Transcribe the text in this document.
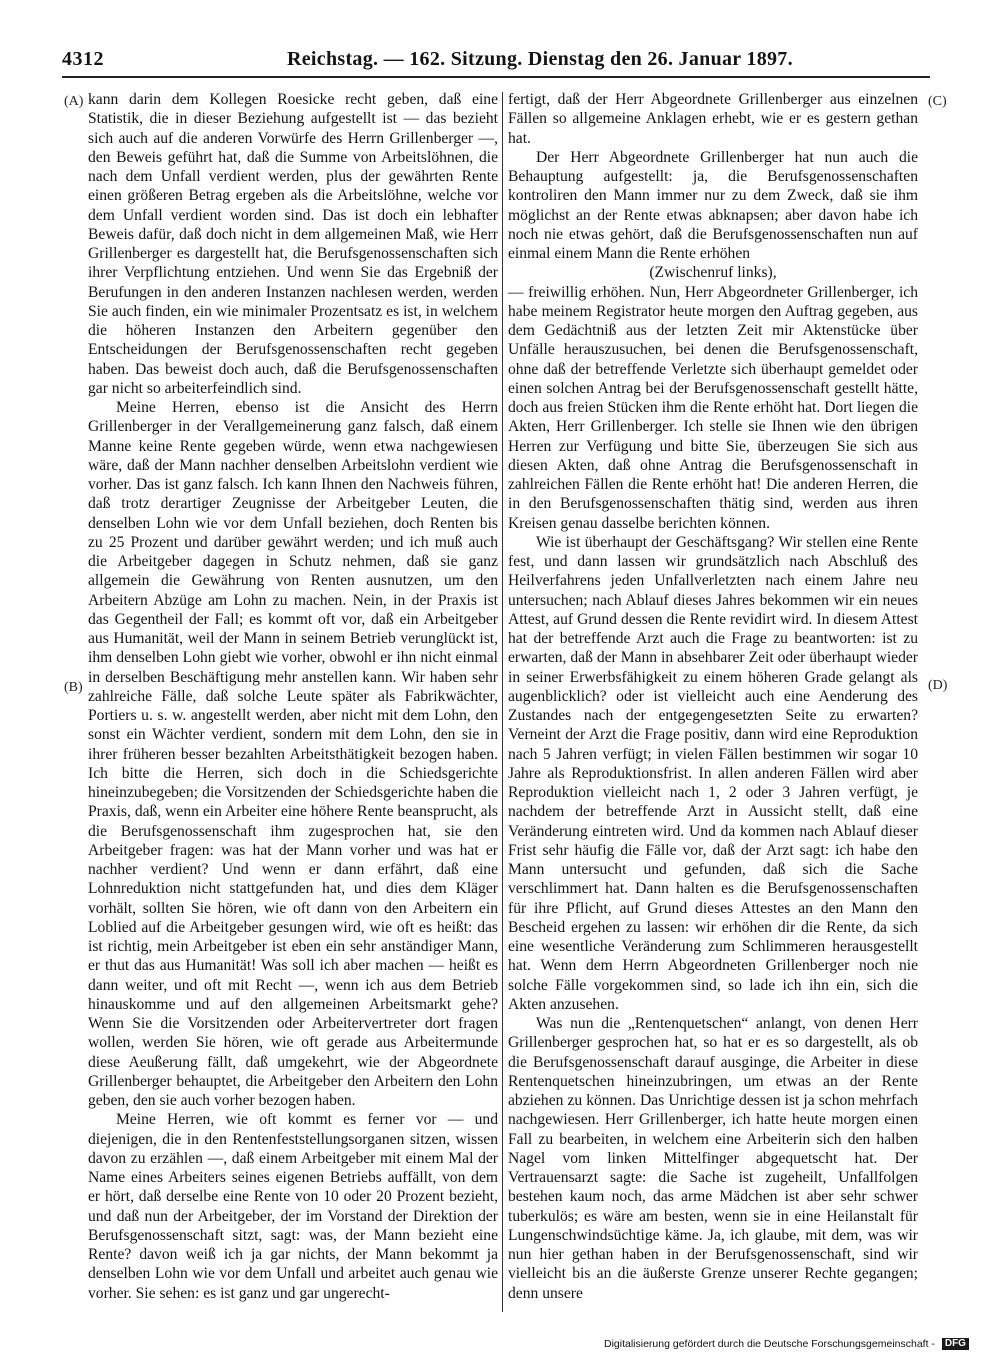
4312	Reichstag. — 162. Sitzung. Dienstag den 26. Januar 1897.
(A)
(B)
(C)
(D)

kann darin dem Kollegen Roesicke recht geben, daß eine Statistik, die in dieser Beziehung aufgestellt ist — das bezieht sich auch auf die anderen Vorwürfe des Herrn Grillenberger —, den Beweis geführt hat, daß die Summe von Arbeitslöhnen, die nach dem Unfall verdient werden, plus der gewährten Rente einen größeren Betrag ergeben als die Arbeitslöhne, welche vor dem Unfall verdient worden sind. Das ist doch ein lebhafter Beweis dafür, daß doch nicht in dem allgemeinen Maß, wie Herr Grillenberger es dargestellt hat, die Berufsgenossenschaften sich ihrer Verpflichtung entziehen. Und wenn Sie das Ergebniß der Berufungen in den anderen Instanzen nachlesen werden, werden Sie auch finden, ein wie minimaler Prozentsatz es ist, in welchem die höheren Instanzen den Arbeitern gegenüber den Entscheidungen der Berufsgenossenschaften recht gegeben haben. Das beweist doch auch, daß die Berufsgenossenschaften gar nicht so arbeiterfeindlich sind.

Meine Herren, ebenso ist die Ansicht des Herrn Grillenberger in der Verallgemeinerung ganz falsch, daß einem Manne keine Rente gegeben würde, wenn etwa nachgewiesen wäre, daß der Mann nachher denselben Arbeitslohn verdient wie vorher. Das ist ganz falsch. Ich kann Ihnen den Nachweis führen, daß trotz derartiger Zeugnisse der Arbeitgeber Leuten, die denselben Lohn wie vor dem Unfall beziehen, doch Renten bis zu 25 Prozent und darüber gewährt werden; und ich muß auch die Arbeitgeber dagegen in Schutz nehmen, daß sie ganz allgemein die Gewährung von Renten ausnutzen, um den Arbeitern Abzüge am Lohn zu machen. Nein, in der Praxis ist das Gegentheil der Fall; es kommt oft vor, daß ein Arbeitgeber aus Humanität, weil der Mann in seinem Betrieb verunglückt ist, ihm denselben Lohn giebt wie vorher, obwohl er ihn nicht einmal in derselben Beschäftigung mehr anstellen kann. Wir haben sehr zahlreiche Fälle, daß solche Leute später als Fabrikwächter, Portiers u. s. w. angestellt werden, aber nicht mit dem Lohn, den sonst ein Wächter verdient, sondern mit dem Lohn, den sie in ihrer früheren besser bezahlten Arbeitsthätigkeit bezogen haben. Ich bitte die Herren, sich doch in die Schiedsgerichte hineinzubegeben; die Vorsitzenden der Schiedsgerichte haben die Praxis, daß, wenn ein Arbeiter eine höhere Rente beansprucht, als die Berufsgenossenschaft ihm zugesprochen hat, sie den Arbeitgeber fragen: was hat der Mann vorher und was hat er nachher verdient? Und wenn er dann erfährt, daß eine Lohnreduktion nicht stattgefunden hat, und dies dem Kläger vorhält, sollten Sie hören, wie oft dann von den Arbeitern ein Loblied auf die Arbeitgeber gesungen wird, wie oft es heißt: das ist richtig, mein Arbeitgeber ist eben ein sehr anständiger Mann, er thut das aus Humanität! Was soll ich aber machen — heißt es dann weiter, und oft mit Recht —, wenn ich aus dem Betrieb hinauskomme und auf den allgemeinen Arbeitsmarkt gehe? Wenn Sie die Vorsitzenden oder Arbeitervertreter dort fragen wollen, werden Sie hören, wie oft gerade aus Arbeitermunde diese Aeußerung fällt, daß umgekehrt, wie der Abgeordnete Grillenberger behauptet, die Arbeitgeber den Arbeitern den Lohn geben, den sie auch vorher bezogen haben.

Meine Herren, wie oft kommt es ferner vor — und diejenigen, die in den Rentenfeststellungsorganen sitzen, wissen davon zu erzählen —, daß einem Arbeitgeber mit einem Mal der Name eines Arbeiters seines eigenen Betriebs auffällt, von dem er hört, daß derselbe eine Rente von 10 oder 20 Prozent bezieht, und daß nun der Arbeitgeber, der im Vorstand der Direktion der Berufsgenossenschaft sitzt, sagt: was, der Mann bezieht eine Rente? davon weiß ich ja gar nichts, der Mann bekommt ja denselben Lohn wie vor dem Unfall und arbeitet auch genau wie vorher. Sie sehen: es ist ganz und gar ungerecht-

fertigt, daß der Herr Abgeordnete Grillenberger aus einzelnen Fällen so allgemeine Anklagen erhebt, wie er es gestern gethan hat.

Der Herr Abgeordnete Grillenberger hat nun auch die Behauptung aufgestellt: ja, die Berufsgenossenschaften kontroliren den Mann immer nur zu dem Zweck, daß sie ihm möglichst an der Rente etwas abknapsen; aber davon habe ich noch nie etwas gehört, daß die Berufsgenossenschaften nun auf einmal einem Mann die Rente erhöhen

(Zwischenruf links),

— freiwillig erhöhen. Nun, Herr Abgeordneter Grillenberger, ich habe meinem Registrator heute morgen den Auftrag gegeben, aus dem Gedächtniß aus der letzten Zeit mir Aktenstücke über Unfälle herauszusuchen, bei denen die Berufsgenossenschaft, ohne daß der betreffende Verletzte sich überhaupt gemeldet oder einen solchen Antrag bei der Berufsgenossenschaft gestellt hätte, doch aus freien Stücken ihm die Rente erhöht hat. Dort liegen die Akten, Herr Grillenberger. Ich stelle sie Ihnen wie den übrigen Herren zur Verfügung und bitte Sie, überzeugen Sie sich aus diesen Akten, daß ohne Antrag die Berufsgenossenschaft in zahlreichen Fällen die Rente erhöht hat! Die anderen Herren, die in den Berufsgenossenschaften thätig sind, werden aus ihren Kreisen genau dasselbe berichten können.

Wie ist überhaupt der Geschäftsgang? Wir stellen eine Rente fest, und dann lassen wir grundsätzlich nach Abschluß des Heilverfahrens jeden Unfallverletzten nach einem Jahre neu untersuchen; nach Ablauf dieses Jahres bekommen wir ein neues Attest, auf Grund dessen die Rente revidirt wird. In diesem Attest hat der betreffende Arzt auch die Frage zu beantworten: ist zu erwarten, daß der Mann in absehbarer Zeit oder überhaupt wieder in seiner Erwerbsfähigkeit zu einem höheren Grade gelangt als augenblicklich? oder ist vielleicht auch eine Aenderung des Zustandes nach der entgegengesetzten Seite zu erwarten? Verneint der Arzt die Frage positiv, dann wird eine Reproduktion nach 5 Jahren verfügt; in vielen Fällen bestimmen wir sogar 10 Jahre als Reproduktionsfrist. In allen anderen Fällen wird aber Reproduktion vielleicht nach 1, 2 oder 3 Jahren verfügt, je nachdem der betreffende Arzt in Aussicht stellt, daß eine Veränderung eintreten wird. Und da kommen nach Ablauf dieser Frist sehr häufig die Fälle vor, daß der Arzt sagt: ich habe den Mann untersucht und gefunden, daß sich die Sache verschlimmert hat. Dann halten es die Berufsgenossenschaften für ihre Pflicht, auf Grund dieses Attestes an den Mann den Bescheid ergehen zu lassen: wir erhöhen dir die Rente, da sich eine wesentliche Veränderung zum Schlimmeren herausgestellt hat. Wenn dem Herrn Abgeordneten Grillenberger noch nie solche Fälle vorgekommen sind, so lade ich ihn ein, sich die Akten anzusehen.

Was nun die „Rentenquetschen“ anlangt, von denen Herr Grillenberger gesprochen hat, so hat er es so dargestellt, als ob die Berufsgenossenschaft darauf ausginge, die Arbeiter in diese Rentenquetschen hineinzubringen, um etwas an der Rente abziehen zu können. Das Unrichtige dessen ist ja schon mehrfach nachgewiesen. Herr Grillenberger, ich hatte heute morgen einen Fall zu bearbeiten, in welchem eine Arbeiterin sich den halben Nagel vom linken Mittelfinger abgequetscht hat. Der Vertrauensarzt sagte: die Sache ist zugeheilt, Unfallfolgen bestehen kaum noch, das arme Mädchen ist aber sehr schwer tuberkulös; es wäre am besten, wenn sie in eine Heilanstalt für Lungenschwindsüchtige käme. Ja, ich glaube, mit dem, was wir nun hier gethan haben in der Berufsgenossenschaft, sind wir vielleicht bis an die äußerste Grenze unserer Rechte gegangen; denn unsere

Digitalisierung gefördert durch die Deutsche Forschungsgemeinschaft - DFG
